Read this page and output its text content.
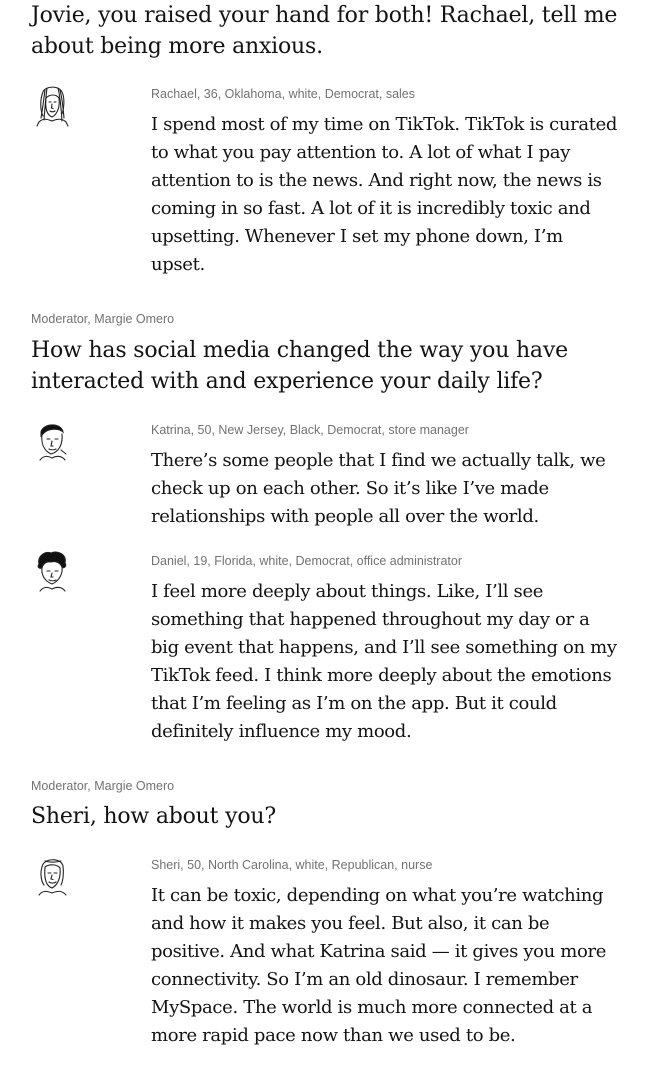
Jovie, you raised your hand for both! Rachael, tell me about being more anxious.
Rachael, 36, Oklahoma, white, Democrat, sales
I spend most of my time on TikTok. TikTok is curated to what you pay attention to. A lot of what I pay attention to is the news. And right now, the news is coming in so fast. A lot of it is incredibly toxic and upsetting. Whenever I set my phone down, I’m upset.
Moderator, Margie Omero
How has social media changed the way you have interacted with and experience your daily life?
Katrina, 50, New Jersey, Black, Democrat, store manager
There’s some people that I find we actually talk, we check up on each other. So it’s like I’ve made relationships with people all over the world.
Daniel, 19, Florida, white, Democrat, office administrator
I feel more deeply about things. Like, I’ll see something that happened throughout my day or a big event that happens, and I’ll see something on my TikTok feed. I think more deeply about the emotions that I’m feeling as I’m on the app. But it could definitely influence my mood.
Moderator, Margie Omero
Sheri, how about you?
Sheri, 50, North Carolina, white, Republican, nurse
It can be toxic, depending on what you’re watching and how it makes you feel. But also, it can be positive. And what Katrina said — it gives you more connectivity. So I’m an old dinosaur. I remember MySpace. The world is much more connected at a more rapid pace now than we used to be.
